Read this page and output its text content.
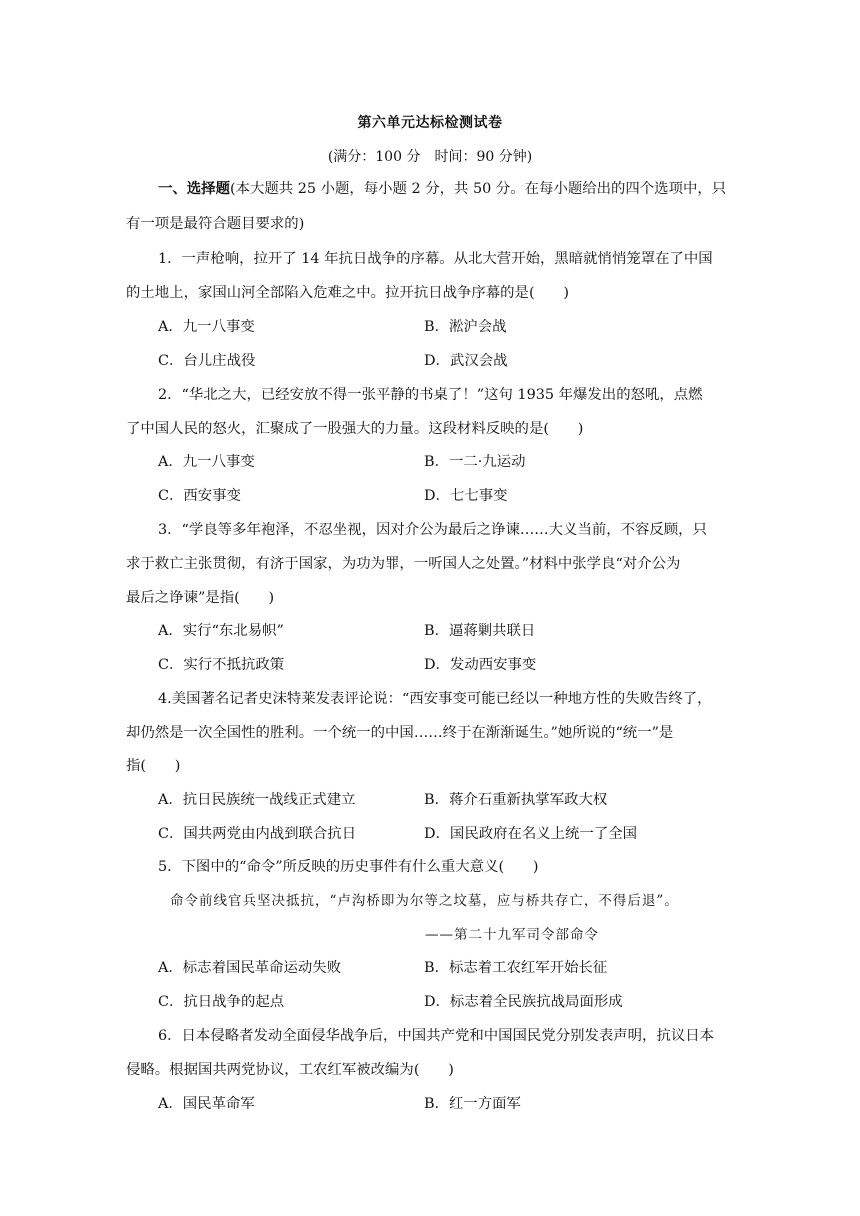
第六单元达标检测试卷
(满分：100 分　时间：90 分钟)
一、选择题(本大题共 25 小题，每小题 2 分，共 50 分。在每小题给出的四个选项中，只
有一项是最符合题目要求的)
1．一声枪响，拉开了 14 年抗日战争的序幕。从北大营开始，黑暗就悄悄笼罩在了中国
的土地上，家国山河全部陷入危难之中。拉开抗日战争序幕的是(　　)
A．九一八事变	B．淞沪会战
C．台儿庄战役	D．武汉会战
2．“华北之大，已经安放不得一张平静的书桌了！”这句 1935 年爆发出的怒吼，点燃
了中国人民的怒火，汇聚成了一股强大的力量。这段材料反映的是(　　)
A．九一八事变	B．一二·九运动
C．西安事变	D．七七事变
3．“学良等多年袍泽，不忍坐视，因对介公为最后之诤谏……大义当前，不容反顾，只
求于救亡主张贯彻，有济于国家，为功为罪，一听国人之处置。”材料中张学良“对介公为
最后之诤谏”是指(　　)
A．实行“东北易帜”	B．逼蒋剿共联日
C．实行不抵抗政策	D．发动西安事变
4.美国著名记者史沫特莱发表评论说：“西安事变可能已经以一种地方性的失败告终了，
却仍然是一次全国性的胜利。一个统一的中国……终于在渐渐诞生。”她所说的“统一”是
指(　　)
A．抗日民族统一战线正式建立	B．蒋介石重新执掌军政大权
C．国共两党由内战到联合抗日	D．国民政府在名义上统一了全国
5．下图中的“命令”所反映的历史事件有什么重大意义(　　)
命令前线官兵坚决抵抗，“卢沟桥即为尔等之坟墓，应与桥共存亡，不得后退”。
——第二十九军司令部命令
A．标志着国民革命运动失败	B．标志着工农红军开始长征
C．抗日战争的起点	D．标志着全民族抗战局面形成
6．日本侵略者发动全面侵华战争后，中国共产党和中国国民党分别发表声明，抗议日本
侵略。根据国共两党协议，工农红军被改编为(　　)
A．国民革命军	B．红一方面军
